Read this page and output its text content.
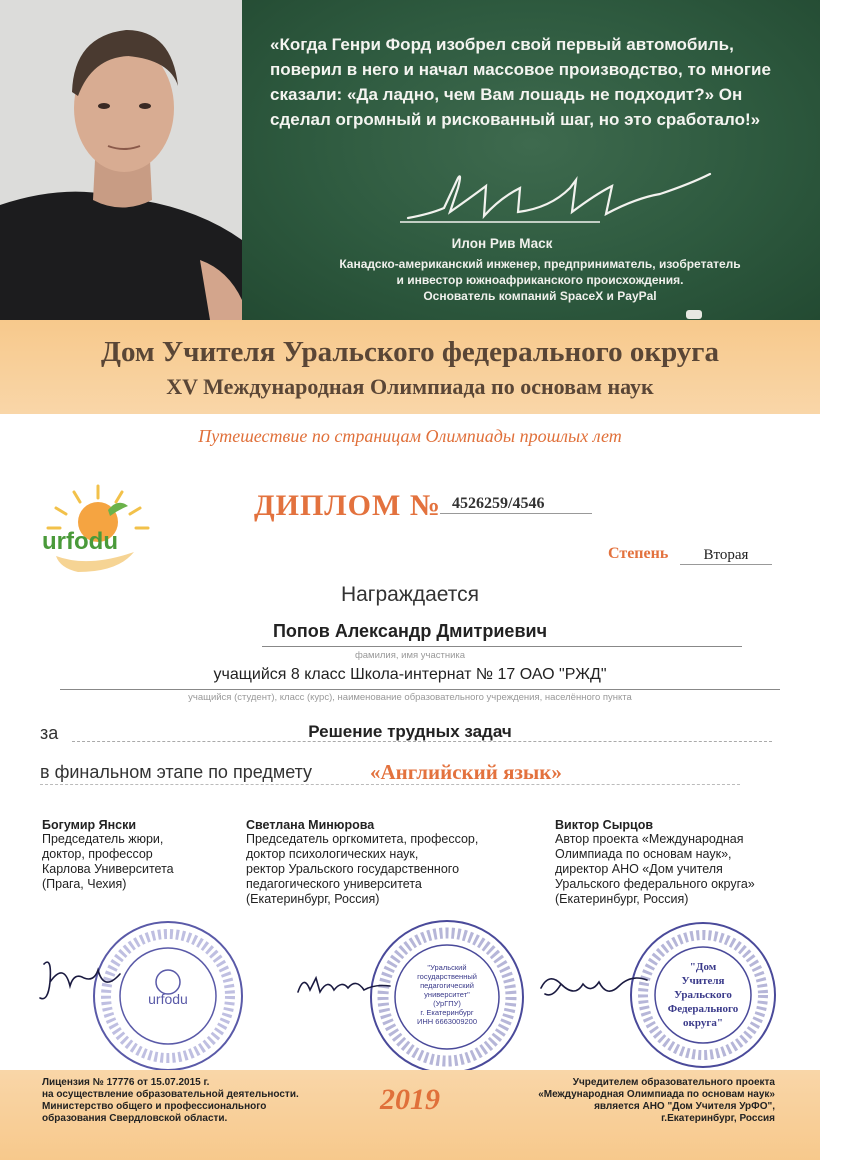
«Когда Генри Форд изобрел свой первый автомобиль, поверил в него и начал массовое производство, то многие сказали: «Да ладно, чем Вам лошадь не подходит?» Он сделал огромный и рискованный шаг, но это сработало!»
Илон Рив Маск
Канадско-американский инженер, предприниматель, изобретатель
и инвестор южноафриканского происхождения.
Основатель компаний SpaceX и PayPal
Дом Учителя Уральского федерального округа
XV Международная Олимпиада по основам наук
Путешествие по страницам Олимпиады прошлых лет
urfodu
ДИПЛОМ № 4526259/4546
Степень	Вторая
Награждается
Попов Александр Дмитриевич
фамилия, имя участника
учащийся 8 класс Школа-интернат № 17 ОАО "РЖД"
учащийся (студент), класс (курс), наименование образовательного учреждения, населённого пункта
за	Решение трудных задач
в финальном этапе по предмету	«Английский язык»
Богумир Янски
Председатель жюри,
доктор, профессор
Карлова Университета
(Прага, Чехия)
Светлана Минюрова
Председатель оргкомитета, профессор,
доктор психологических наук,
ректор Уральского государственного
педагогического университета
(Екатеринбург, Россия)
Виктор Сырцов
Автор проекта «Международная
Олимпиада по основам наук»,
директор АНО «Дом учителя
Уральского федерального округа»
(Екатеринбург, Россия)
urfodu
"Уральский
государственный
педагогический
университет"
(УрГПУ)
г. Екатеринбург
ИНН 6663009200
"Дом
Учителя
Уральского
Федерального
округа"
Лицензия № 17776 от 15.07.2015 г.
на осуществление образовательной деятельности.
Министерство общего и профессионального
образования Свердловской области.
2019
Учредителем образовательного проекта
«Международная Олимпиада по основам наук»
является АНО "Дом Учителя УрФО",
г.Екатеринбург, Россия
